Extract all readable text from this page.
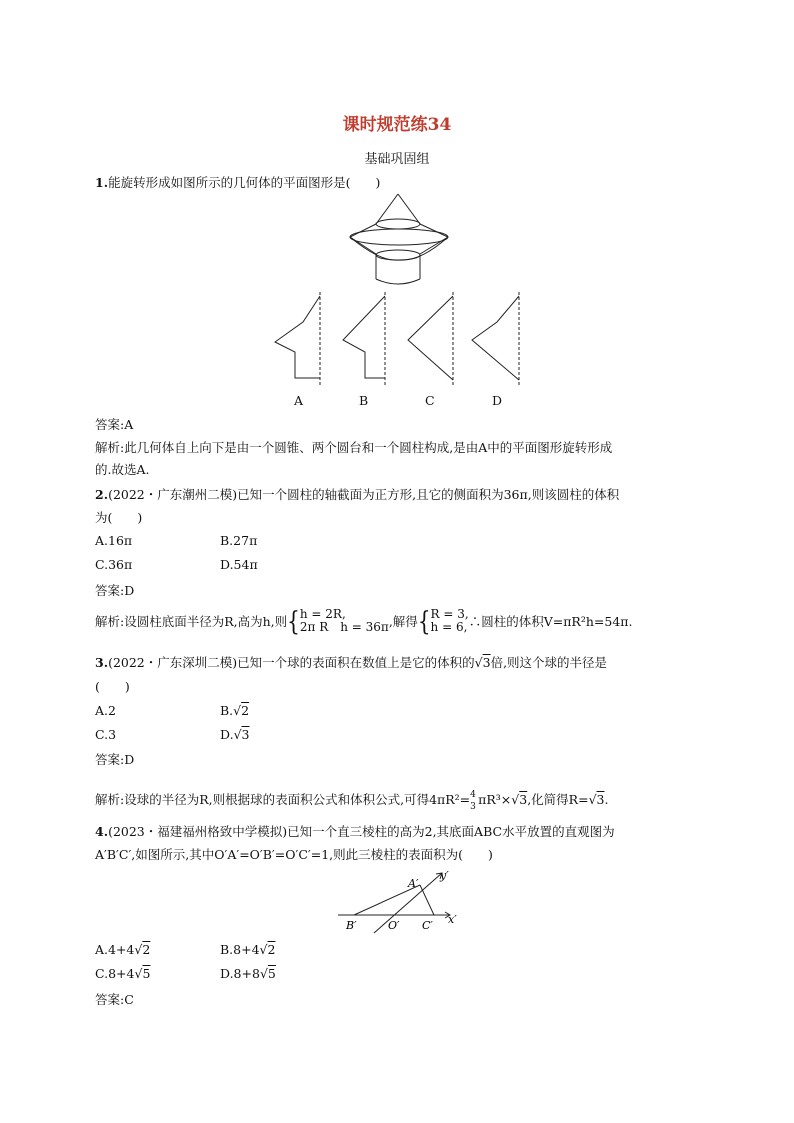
课时规范练34
基础巩固组
1.能旋转形成如图所示的几何体的平面图形是(　　)
A	B	C	D
答案:A
解析:此几何体自上向下是由一个圆锥、两个圆台和一个圆柱构成,是由A中的平面图形旋转形成
的.故选A.
2.(2022・广东潮州二模)已知一个圆柱的轴截面为正方形,且它的侧面积为36π,则该圆柱的体积
为(　　)
A.16π	B.27π
C.36π	D.54π
答案:D
解析: 设圆柱底面半径为R,高为h,则 { h = 2R,
2π R　h = 36π ,解得 { R = 3,
h = 6, ∴圆柱的体积V=πR²h=54π.
3.(2022・广东深圳二模)已知一个球的表面积在数值上是它的体积的√3倍,则这个球的半径是
(　　)
A.2	B.√2
C.3	D.√3
答案:D
解析:设球的半径为R,则根据球的表面积公式和体积公式,可得4πR²= 4
3 πR³×√3,化简得R=√3.
4.(2023・福建福州格致中学模拟)已知一个直三棱柱的高为2,其底面ABC水平放置的直观图为
A′B′C′,如图所示,其中O′A′=O′B′=O′C′=1,则此三棱柱的表面积为(　　)
A′
y′
B′	O′ C′ x′
A.4+4√2	B.8+4√2
C.8+4√5	D.8+8√5
答案:C
